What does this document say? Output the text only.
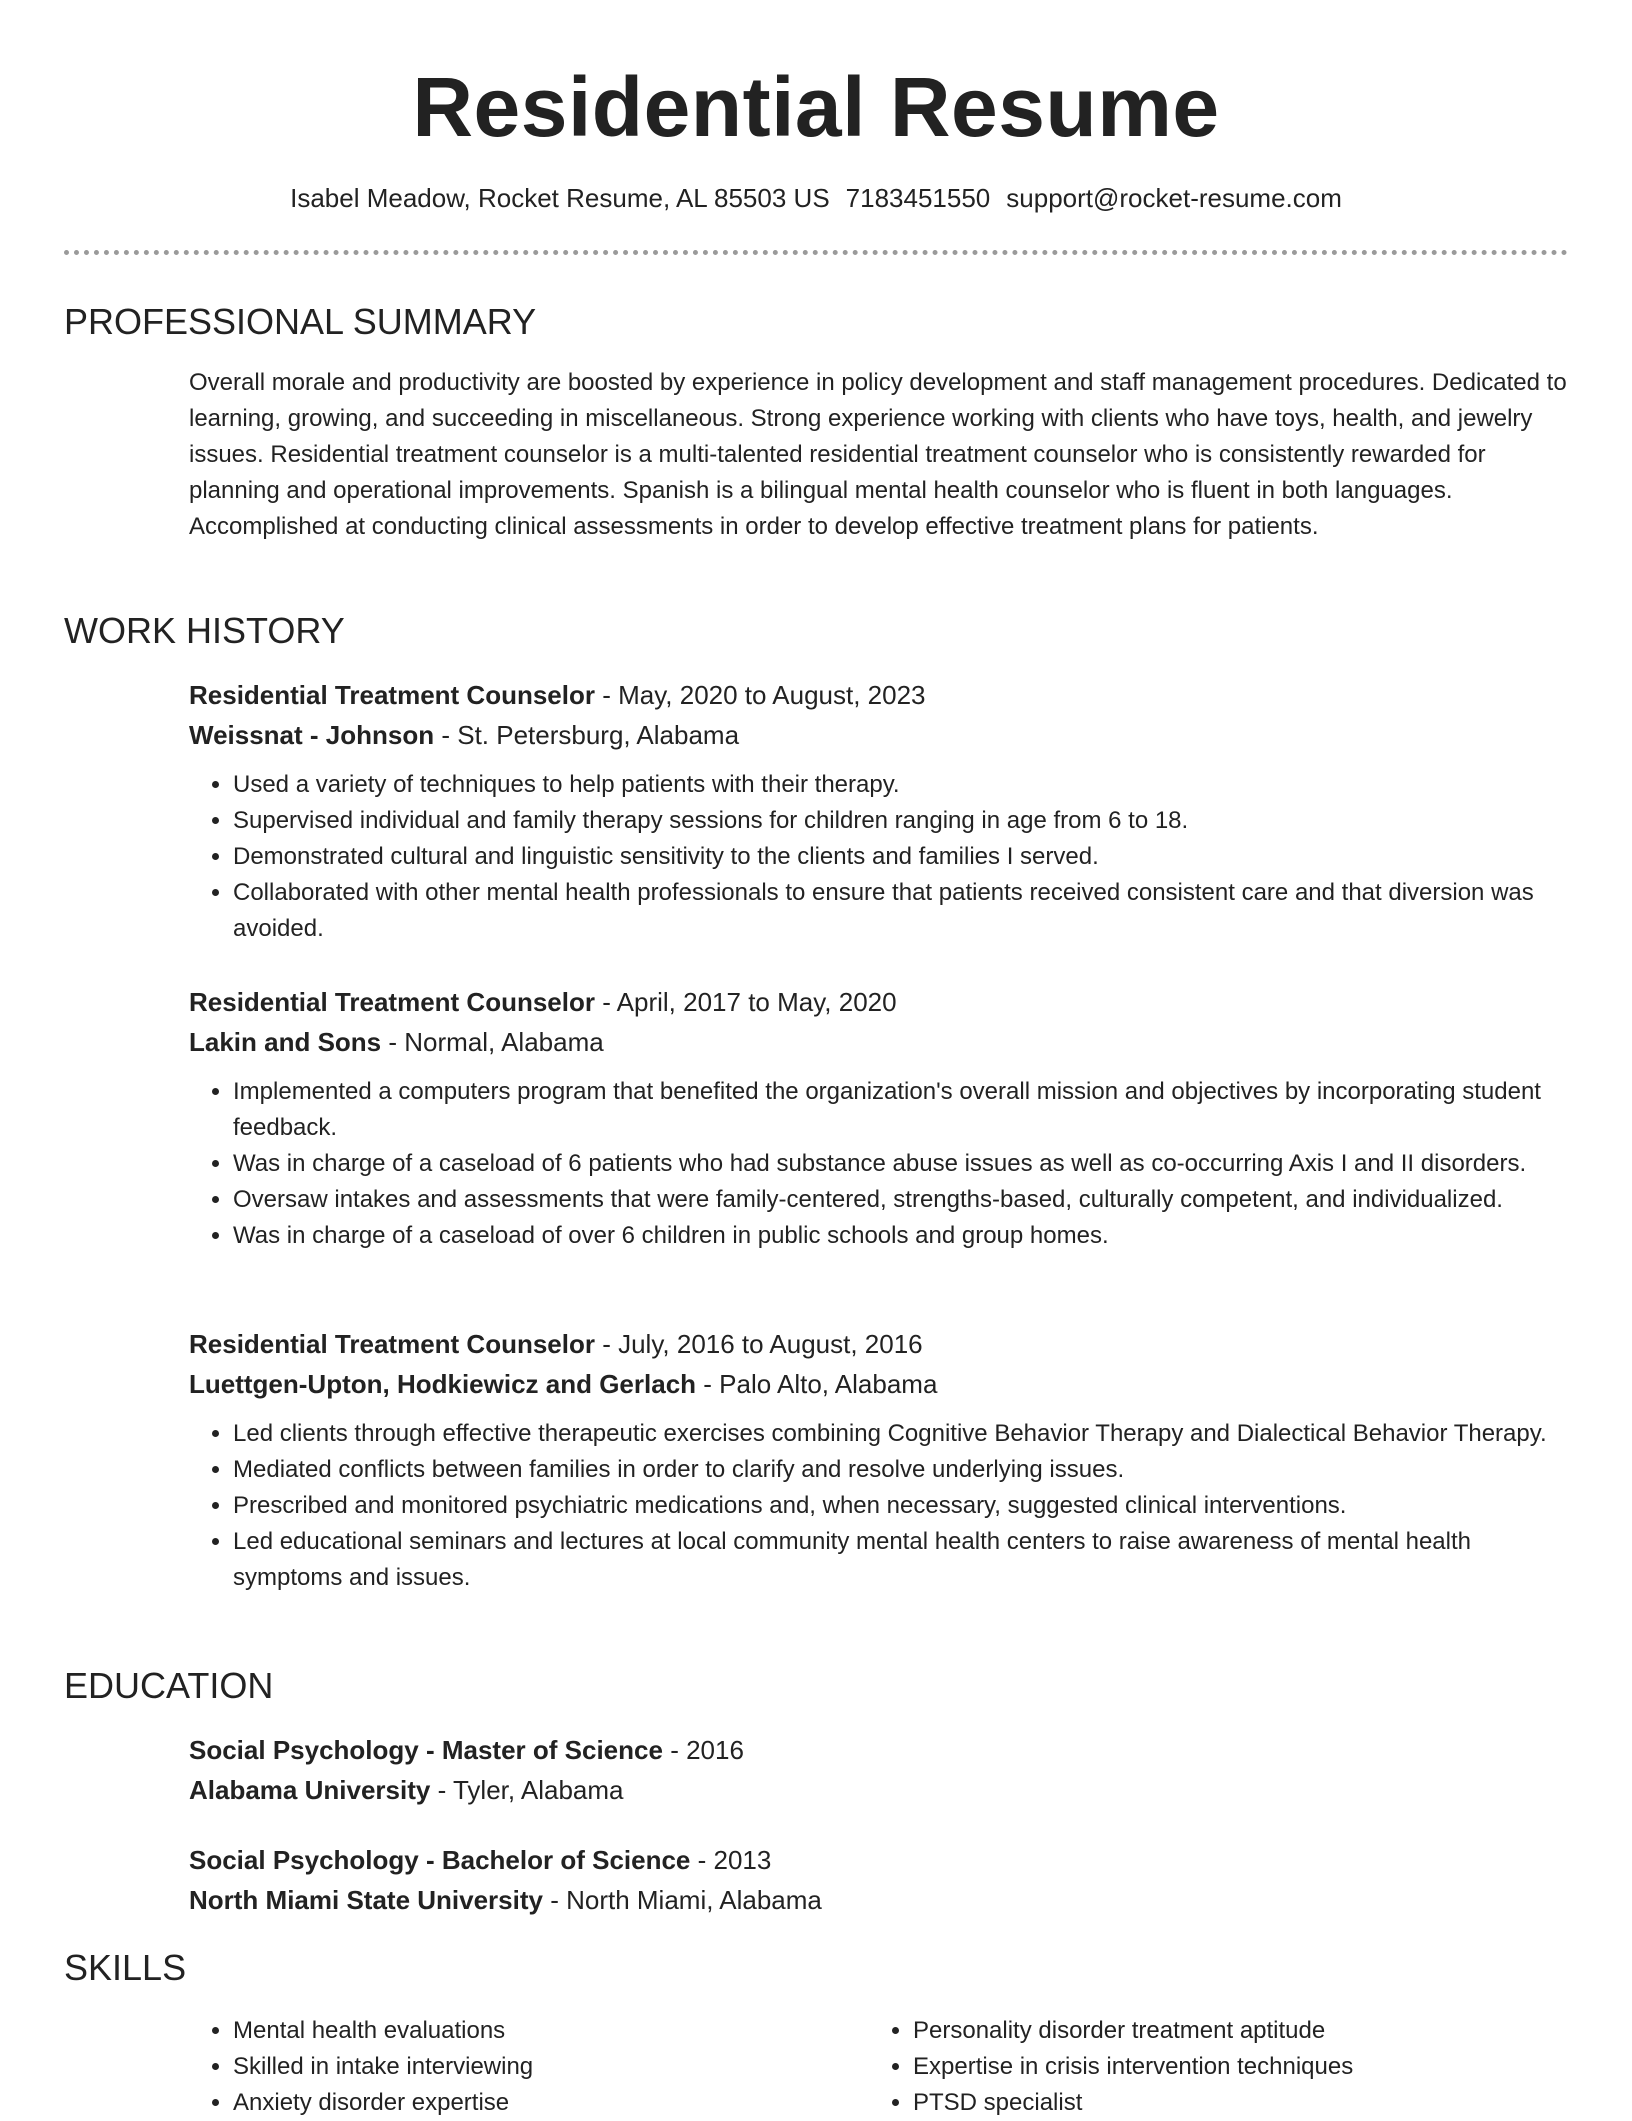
Residential Resume
Isabel Meadow, Rocket Resume, AL 85503 US 7183451550 support@rocket-resume.com
PROFESSIONAL SUMMARY

Overall morale and productivity are boosted by experience in policy development and staff management procedures. Dedicated to learning, growing, and succeeding in miscellaneous. Strong experience working with clients who have toys, health, and jewelry issues. Residential treatment counselor is a multi-talented residential treatment counselor who is consistently rewarded for planning and operational improvements. Spanish is a bilingual mental health counselor who is fluent in both languages. Accomplished at conducting clinical assessments in order to develop effective treatment plans for patients.

WORK HISTORY
Residential Treatment Counselor - May, 2020 to August, 2023
Weissnat - Johnson - St. Petersburg, Alabama
• Used a variety of techniques to help patients with their therapy.
• Supervised individual and family therapy sessions for children ranging in age from 6 to 18.
• Demonstrated cultural and linguistic sensitivity to the clients and families I served.
• Collaborated with other mental health professionals to ensure that patients received consistent care and that diversion was avoided.
Residential Treatment Counselor - April, 2017 to May, 2020
Lakin and Sons - Normal, Alabama
• Implemented a computers program that benefited the organization's overall mission and objectives by incorporating student feedback.
• Was in charge of a caseload of 6 patients who had substance abuse issues as well as co-occurring Axis I and II disorders.
• Oversaw intakes and assessments that were family-centered, strengths-based, culturally competent, and individualized.
• Was in charge of a caseload of over 6 children in public schools and group homes.
Residential Treatment Counselor - July, 2016 to August, 2016
Luettgen-Upton, Hodkiewicz and Gerlach - Palo Alto, Alabama
• Led clients through effective therapeutic exercises combining Cognitive Behavior Therapy and Dialectical Behavior Therapy.
• Mediated conflicts between families in order to clarify and resolve underlying issues.
• Prescribed and monitored psychiatric medications and, when necessary, suggested clinical interventions.
• Led educational seminars and lectures at local community mental health centers to raise awareness of mental health symptoms and issues.
EDUCATION
Social Psychology - Master of Science - 2016
Alabama University - Tyler, Alabama
Social Psychology - Bachelor of Science - 2013
North Miami State University - North Miami, Alabama
SKILLS
• Mental health evaluations
• Skilled in intake interviewing
• Anxiety disorder expertise
• Personality disorder treatment aptitude
• Expertise in crisis intervention techniques
• PTSD specialist
